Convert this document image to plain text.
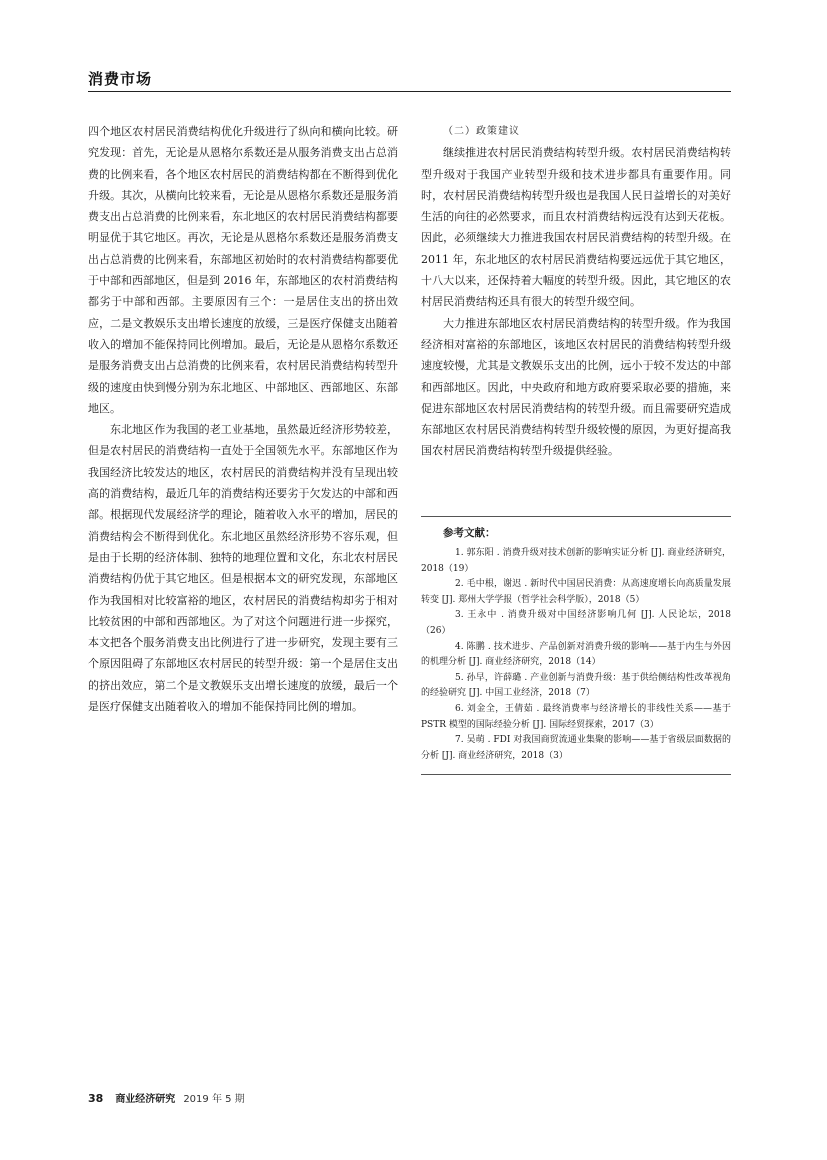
消费市场

四个地区农村居民消费结构优化升级进行了纵向和横向比较。研究发现：首先，无论是从恩格尔系数还是从服务消费支出占总消费的比例来看，各个地区农村居民的消费结构都在不断得到优化升级。其次，从横向比较来看，无论是从恩格尔系数还是服务消费支出占总消费的比例来看，东北地区的农村居民消费结构都要明显优于其它地区。再次，无论是从恩格尔系数还是服务消费支出占总消费的比例来看，东部地区初始时的农村消费结构都要优于中部和西部地区，但是到 2016 年，东部地区的农村消费结构都劣于中部和西部。主要原因有三个：一是居住支出的挤出效应，二是文教娱乐支出增长速度的放缓，三是医疗保健支出随着收入的增加不能保持同比例增加。最后，无论是从恩格尔系数还是服务消费支出占总消费的比例来看，农村居民消费结构转型升级的速度由快到慢分别为东北地区、中部地区、西部地区、东部地区。

东北地区作为我国的老工业基地，虽然最近经济形势较差，但是农村居民的消费结构一直处于全国领先水平。东部地区作为我国经济比较发达的地区，农村居民的消费结构并没有呈现出较高的消费结构，最近几年的消费结构还要劣于欠发达的中部和西部。根据现代发展经济学的理论，随着收入水平的增加，居民的消费结构会不断得到优化。东北地区虽然经济形势不容乐观，但是由于长期的经济体制、独特的地理位置和文化，东北农村居民消费结构仍优于其它地区。但是根据本文的研究发现，东部地区作为我国相对比较富裕的地区，农村居民的消费结构却劣于相对比较贫困的中部和西部地区。为了对这个问题进行进一步探究，本文把各个服务消费支出比例进行了进一步研究，发现主要有三个原因阻碍了东部地区农村居民的转型升级：第一个是居住支出的挤出效应，第二个是文教娱乐支出增长速度的放缓，最后一个是医疗保健支出随着收入的增加不能保持同比例的增加。

（二）政策建议

继续推进农村居民消费结构转型升级。农村居民消费结构转型升级对于我国产业转型升级和技术进步都具有重要作用。同时，农村居民消费结构转型升级也是我国人民日益增长的对美好生活的向往的必然要求，而且农村消费结构远没有达到天花板。因此，必须继续大力推进我国农村居民消费结构的转型升级。在 2011 年，东北地区的农村居民消费结构要远远优于其它地区，十八大以来，还保持着大幅度的转型升级。因此，其它地区的农村居民消费结构还具有很大的转型升级空间。

大力推进东部地区农村居民消费结构的转型升级。作为我国经济相对富裕的东部地区，该地区农村居民的消费结构转型升级速度较慢，尤其是文教娱乐支出的比例，远小于较不发达的中部和西部地区。因此，中央政府和地方政府要采取必要的措施，来促进东部地区农村居民消费结构的转型升级。而且需要研究造成东部地区农村居民消费结构转型升级较慢的原因，为更好提高我国农村居民消费结构转型升级提供经验。

参考文献：

1. 郭东阳 . 消费升级对技术创新的影响实证分析 [J]. 商业经济研究，2018（19）

2. 毛中根，谢迟 . 新时代中国居民消费：从高速度增长向高质量发展转变 [J]. 郑州大学学报（哲学社会科学版），2018（5）

3. 王永中 . 消费升级对中国经济影响几何 [J]. 人民论坛，2018（26）

4. 陈鹏 . 技术进步、产品创新对消费升级的影响——基于内生与外因的机理分析 [J]. 商业经济研究，2018（14）

5. 孙早，许薛璐 . 产业创新与消费升级：基于供给侧结构性改革视角的经验研究 [J]. 中国工业经济，2018（7）

6. 刘金全，王倩茹 . 最终消费率与经济增长的非线性关系——基于 PSTR 模型的国际经验分析 [J]. 国际经贸探索，2017（3）

7. 吴萌 . FDI 对我国商贸流通业集聚的影响——基于省级层面数据的分析 [J]. 商业经济研究，2018（3）

38 商业经济研究 2019 年 5 期
